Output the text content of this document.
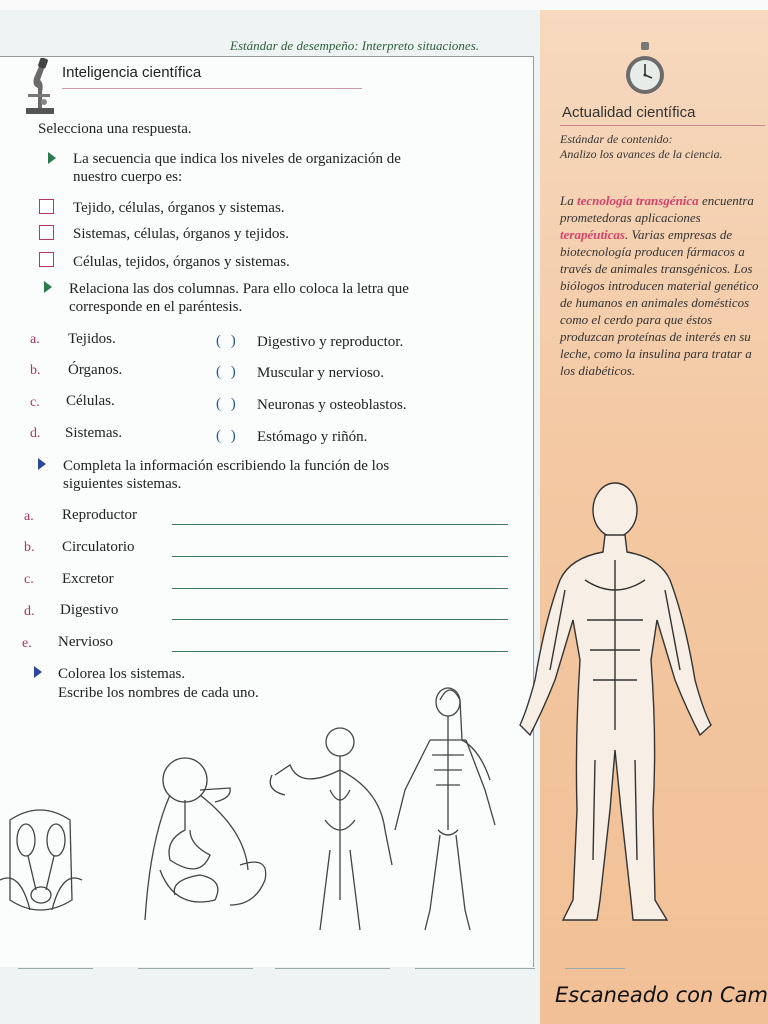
Estándar de desempeño: Interpreto situaciones.
Inteligencia científica
Selecciona una respuesta.
La secuencia que indica los niveles de organización de
nuestro cuerpo es:
Tejido, células, órganos y sistemas.
Sistemas, células, órganos y tejidos.
Células, tejidos, órganos y sistemas.
Relaciona las dos columnas. Para ello coloca la letra que
corresponde en el paréntesis.
a. Tejidos.
b. Órganos.
c. Células.
d. Sistemas.
( ) Digestivo y reproductor.
( ) Muscular y nervioso.
( ) Neuronas y osteoblastos.
( ) Estómago y riñón.
Completa la información escribiendo la función de los
siguientes sistemas.
a. Reproductor
b. Circulatorio
c. Excretor
d. Digestivo
e. Nervioso
Colorea los sistemas.
Escribe los nombres de cada uno.
Actualidad científica
Estándar de contenido:
Analizo los avances de la ciencia.
La tecnología transgénica encuentra prometedoras aplicaciones terapéuticas. Varias empresas de biotecnología producen fármacos a través de animales transgénicos. Los biólogos introducen material genético de humanos en animales domésticos como el cerdo para que éstos produzcan proteínas de interés en su leche, como la insulina para tratar a los diabéticos.
Escaneado con Cam
